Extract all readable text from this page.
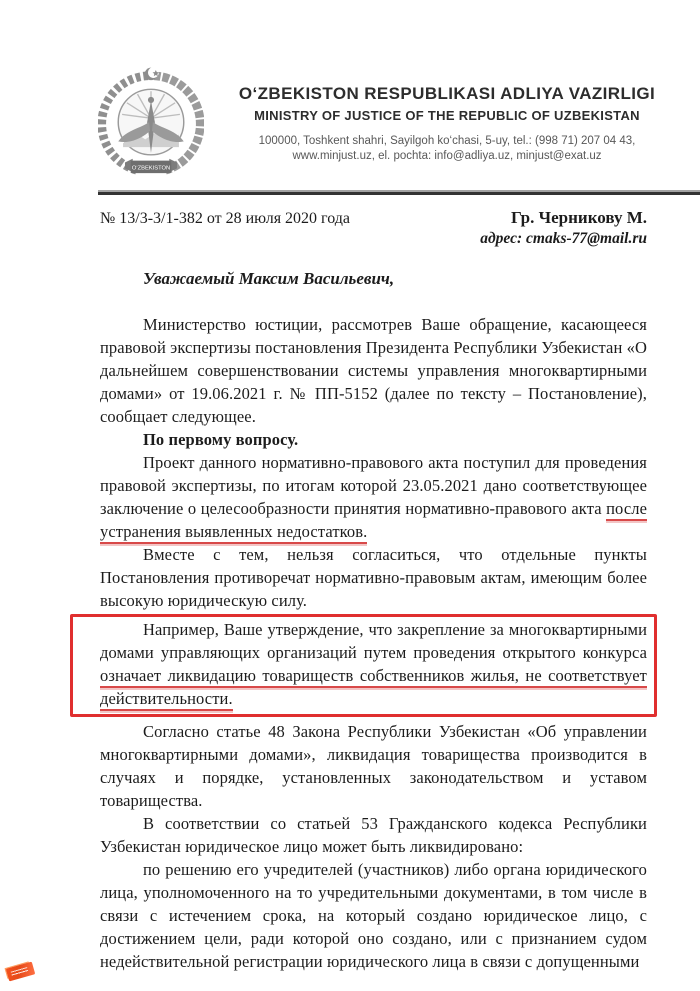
O‘ZBEKISTON
O‘ZBEKISTON RESPUBLIKASI ADLIYA VAZIRLIGI
MINISTRY OF JUSTICE OF THE REPUBLIC OF UZBEKISTAN
100000, Toshkent shahri, Sayilgoh ko‘chasi, 5-uy, tel.: (998 71) 207 04 43,
www.minjust.uz, el. pochta: info@adliya.uz, minjust@exat.uz
№ 13/3-3/1-382 от 28 июля 2020 года	Гр. Черникову М.
адрес: cmaks-77@mail.ru
Уважаемый Максим Васильевич,

Министерство юстиции, рассмотрев Ваше обращение, касающееся правовой экспертизы постановления Президента Республики Узбекистан «О дальнейшем совершенствовании системы управления многоквартирными домами» от 19.06.2021 г. № ПП-5152 (далее по тексту – Постановление), сообщает следующее.

По первому вопросу.

Проект данного нормативно-правового акта поступил для проведения правовой экспертизы, по итогам которой 23.05.2021 дано соответствующее заключение о целесообразности принятия нормативно-правового акта после устранения выявленных недостатков.

Вместе с тем, нельзя согласиться, что отдельные пункты Постановления противоречат нормативно-правовым актам, имеющим более высокую юридическую силу.

Например, Ваше утверждение, что закрепление за многоквартирными домами управляющих организаций путем проведения открытого конкурса означает ликвидацию товариществ собственников жилья, не соответствует действительности.

Согласно статье 48 Закона Республики Узбекистан «Об управлении многоквартирными домами», ликвидация товарищества производится в случаях и порядке, установленных законодательством и уставом товарищества.

В соответствии со статьей 53 Гражданского кодекса Республики Узбекистан юридическое лицо может быть ликвидировано:

по решению его учредителей (участников) либо органа юридического лица, уполномоченного на то учредительными документами, в том числе в связи с истечением срока, на который создано юридическое лицо, с достижением цели, ради которой оно создано, или с признанием судом недействительной регистрации юридического лица в связи с допущенными
